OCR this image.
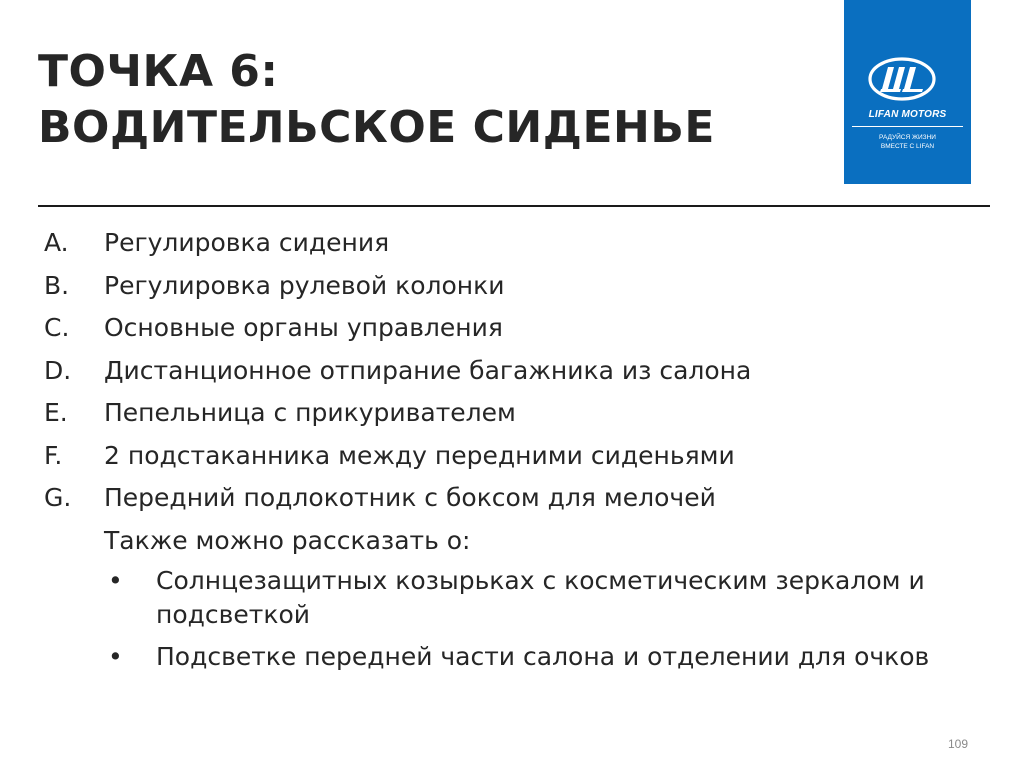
ТОЧКА 6:
ВОДИТЕЛЬСКОЕ СИДЕНЬЕ	LIFAN MOTORS
РАДУЙСЯ ЖИЗНИ
ВМЕСТЕ С LIFAN
A. Регулировка сидения
B. Регулировка рулевой колонки
C. Основные органы управления
D. Дистанционное отпирание багажника из салона
E. Пепельница с прикуривателем
F. 2 подстаканника между передними сиденьями
G. Передний подлокотник с боксом для мелочей
Также можно рассказать о:
• Солнцезащитных козырьках с косметическим зеркалом и подсветкой
• Подсветке передней части салона и отделении для очков
109
